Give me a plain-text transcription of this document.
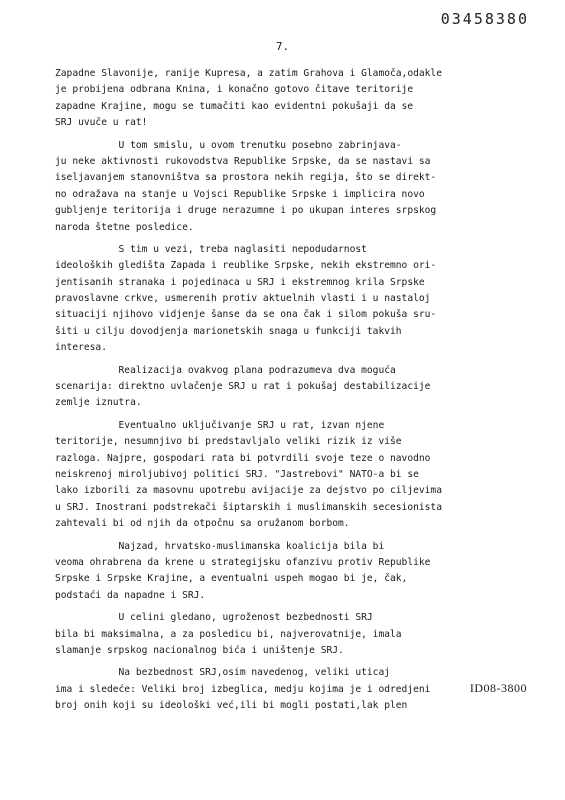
03458380
7.
Zapadne Slavonije, ranije Kupresa, a zatim Grahova i Glamoča,odakle
je probijena odbrana Knina, i konačno gotovo čitave teritorije
zapadne Krajine, mogu se tumačiti kao evidentni pokušaji da se
SRJ uvuče u rat!
U tom smislu, u ovom trenutku posebno zabrinjava-
ju neke aktivnosti rukovodstva Republike Srpske, da se nastavi sa
iseljavanjem stanovništva sa prostora nekih regija, što se direkt-
no odražava na stanje u Vojsci Republike Srpske i implicira novo
gubljenje teritorija i druge nerazumne i po ukupan interes srpskog
naroda štetne posledice.
S tim u vezi, treba naglasiti nepodudarnost
ideoloških gledišta Zapada i reublike Srpske, nekih ekstremno ori-
jentisanih stranaka i pojedinaca u SRJ i ekstremnog krila Srpske
pravoslavne crkve, usmerenih protiv aktuelnih vlasti i u nastaloj
situaciji njihovo vidjenje šanse da se ona čak i silom pokuša sru-
šiti u cilju dovodjenja marionetskih snaga u funkciji takvih
interesa.
Realizacija ovakvog plana podrazumeva dva moguća
scenarija: direktno uvlačenje SRJ u rat i pokušaj destabilizacije
zemlje iznutra.
Eventualno uključivanje SRJ u rat, izvan njene
teritorije, nesumnjivo bi predstavljalo veliki rizik iz više
razloga. Najpre, gospodari rata bi potvrdili svoje teze o navodno
neiskrenoj miroljubivoj politici SRJ. "Jastrebovi" NATO-a bi se
lako izborili za masovnu upotrebu avijacije za dejstvo po ciljevima
u SRJ. Inostrani podstrekači šiptarskih i muslimanskih secesionista
zahtevali bi od njih da otpočnu sa oružanom borbom.
Najzad, hrvatsko-muslimanska koalicija bila bi
veoma ohrabrena da krene u strategijsku ofanzivu protiv Republike
Srpske i Srpske Krajine, a eventualni uspeh mogao bi je, čak,
podstaći da napadne i SRJ.
U celini gledano, ugroženost bezbednosti SRJ
bila bi maksimalna, a za posledicu bi, najverovatnije, imala
slamanje srpskog nacionalnog bića i uništenje SRJ.
Na bezbednost SRJ,osim navedenog, veliki uticaj
ima i sledeće: Veliki broj izbeglica, medju kojima je i odredjeni
broj onih koji su ideološki već,ili bi mogli postati,lak plen
ID08-3800
